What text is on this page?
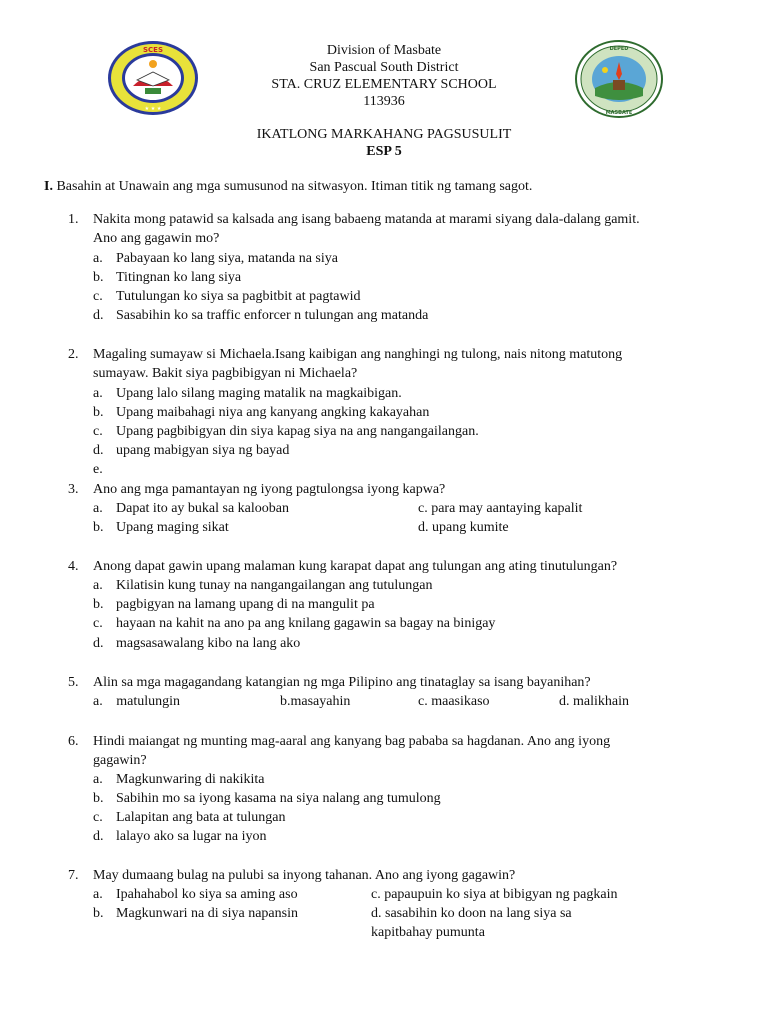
SCES
★ ★ ★
DEPED
MASBATE
Division of Masbate
San Pascual South District
STA. CRUZ ELEMENTARY SCHOOL
113936
IKATLONG MARKAHANG PAGSUSULIT
ESP 5
I. Basahin at Unawain ang mga sumusunod na sitwasyon. Itiman titik ng tamang sagot.
1. Nakita mong patawid sa kalsada ang isang babaeng matanda at marami siyang dala-dalang gamit.
Ano ang gagawin mo?
a. Pabayaan ko lang siya, matanda na siya
b. Titingnan ko lang siya
c. Tutulungan ko siya sa pagbitbit at pagtawid
d. Sasabihin ko sa traffic enforcer n tulungan ang matanda
2. Magaling sumayaw si Michaela.Isang kaibigan ang nanghingi ng tulong, nais nitong matutong
sumayaw. Bakit siya pagbibigyan ni Michaela?
a. Upang lalo silang maging matalik na magkaibigan.
b. Upang maibahagi niya ang kanyang angking kakayahan
c. Upang pagbibigyan din siya kapag siya na ang nangangailangan.
d. upang mabigyan siya ng bayad
e.
3. Ano ang mga pamantayan ng iyong pagtulongsa iyong kapwa?
a. Dapat ito ay bukal sa kalooban	c. para may aantaying kapalit
b. Upang maging sikat	d. upang kumite
4. Anong dapat gawin upang malaman kung karapat dapat ang tulungan ang ating tinutulungan?
a. Kilatisin kung tunay na nangangailangan ang tutulungan
b. pagbigyan na lamang upang di na mangulit pa
c. hayaan na kahit na ano pa ang knilang gagawin sa bagay na binigay
d. magsasawalang kibo na lang ako
5. Alin sa mga magagandang katangian ng mga Pilipino ang tinataglay sa isang bayanihan?
a. matulungin	b.masayahin	c. maasikaso	d. malikhain
6. Hindi maiangat ng munting mag-aaral ang kanyang bag pababa sa hagdanan. Ano ang iyong
gagawin?
a. Magkunwaring di nakikita
b. Sabihin mo sa iyong kasama na siya nalang ang tumulong
c. Lalapitan ang bata at tulungan
d. lalayo ako sa lugar na iyon
7. May dumaang bulag na pulubi sa inyong tahanan. Ano ang iyong gagawin?
a. Ipahahabol ko siya sa aming aso	c. papaupuin ko siya at bibigyan ng pagkain
b. Magkunwari na di siya napansin	d. sasabihin ko doon na lang siya sa
kapitbahay pumunta
